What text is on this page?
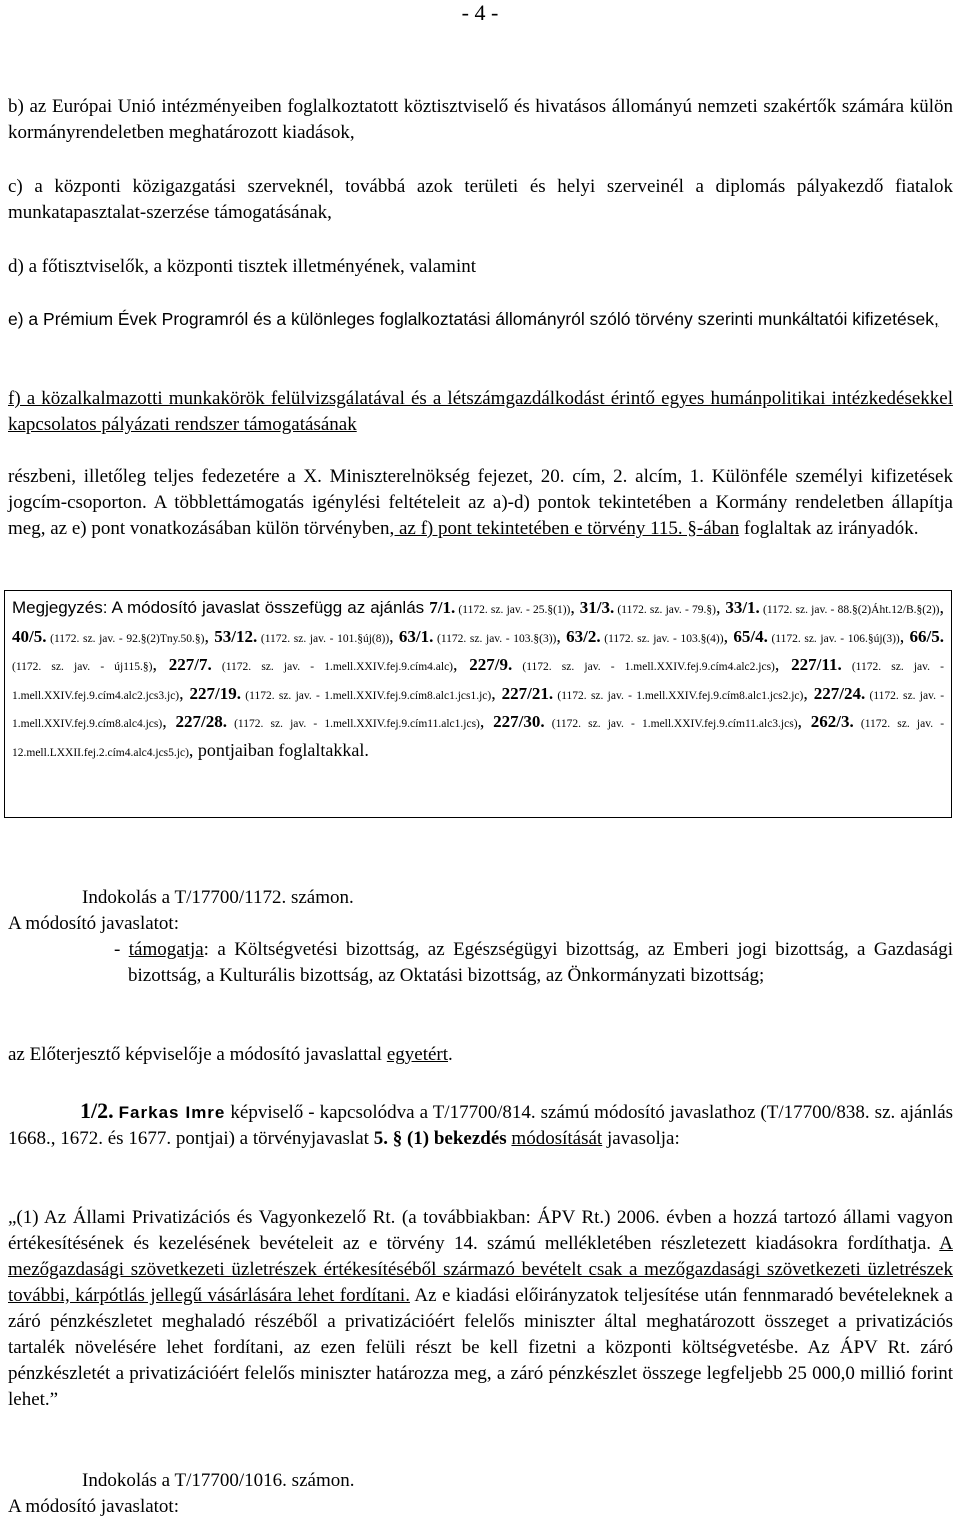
- 4 -

b) az Európai Unió intézményeiben foglalkoztatott köztisztviselő és hivatásos állományú nemzeti szakértők számára külön kormányrendeletben meghatározott kiadások,

c) a központi közigazgatási szerveknél, továbbá azok területi és helyi szerveinél a diplomás pályakezdő fiatalok munkatapasztalat-szerzése támogatásának,

d) a főtisztviselők, a központi tisztek illetményének, valamint

e) a Prémium Évek Programról és a különleges foglalkoztatási állományról szóló törvény szerinti munkáltatói kifizetések,

f) a közalkalmazotti munkakörök felülvizsgálatával és a létszámgazdálkodást érintő egyes humánpolitikai intézkedésekkel kapcsolatos pályázati rendszer támogatásának

részbeni, illetőleg teljes fedezetére a X. Miniszterelnökség fejezet, 20. cím, 2. alcím, 1. Különféle személyi kifizetések jogcím-csoporton. A többlettámogatás igénylési feltételeit az a)-d) pontok tekintetében a Kormány rendeletben állapítja meg, az e) pont vonatkozásában külön törvényben, az f) pont tekintetében e törvény 115. §-ában foglaltak az irányadók.

Megjegyzés: A módosító javaslat összefügg az ajánlás 7/1. (1172. sz. jav. - 25.§(1)), 31/3. (1172. sz. jav. - 79.§), 33/1. (1172. sz. jav. - 88.§(2)Áht.12/B.§(2)), 40/5. (1172. sz. jav. - 92.§(2)Tny.50.§), 53/12. (1172. sz. jav. - 101.§új(8)), 63/1. (1172. sz. jav. - 103.§(3)), 63/2. (1172. sz. jav. - 103.§(4)), 65/4. (1172. sz. jav. - 106.§új(3)), 66/5. (1172. sz. jav. - új115.§), 227/7. (1172. sz. jav. - 1.mell.XXIV.fej.9.cím4.alc), 227/9. (1172. sz. jav. - 1.mell.XXIV.fej.9.cím4.alc2.jcs), 227/11. (1172. sz. jav. - 1.mell.XXIV.fej.9.cím4.alc2.jcs3.jc), 227/19. (1172. sz. jav. - 1.mell.XXIV.fej.9.cím8.alc1.jcs1.jc), 227/21. (1172. sz. jav. - 1.mell.XXIV.fej.9.cím8.alc1.jcs2.jc), 227/24. (1172. sz. jav. - 1.mell.XXIV.fej.9.cím8.alc4.jcs), 227/28. (1172. sz. jav. - 1.mell.XXIV.fej.9.cím11.alc1.jcs), 227/30. (1172. sz. jav. - 1.mell.XXIV.fej.9.cím11.alc3.jcs), 262/3. (1172. sz. jav. - 12.mell.LXXII.fej.2.cím4.alc4.jcs5.jc), pontjaiban foglaltakkal.

Indokolás a T/17700/1172. számon.

A módosító javaslatot:

- támogatja: a Költségvetési bizottság, az Egészségügyi bizottság, az Emberi jogi bizottság, a Gazdasági bizottság, a Kulturális bizottság, az Oktatási bizottság, az Önkormányzati bizottság;

az Előterjesztő képviselője a módosító javaslattal egyetért.

1/2. Farkas Imre képviselő - kapcsolódva a T/17700/814. számú módosító javaslathoz (T/17700/838. sz. ajánlás 1668., 1672. és 1677. pontjai) a törvényjavaslat 5. § (1) bekezdés módosítását javasolja:

„(1) Az Állami Privatizációs és Vagyonkezelő Rt. (a továbbiakban: ÁPV Rt.) 2006. évben a hozzá tartozó állami vagyon értékesítésének és kezelésének bevételeit az e törvény 14. számú mellékletében részletezett kiadásokra fordíthatja. A mezőgazdasági szövetkezeti üzletrészek értékesítéséből származó bevételt csak a mezőgazdasági szövetkezeti üzletrészek további, kárpótlás jellegű vásárlására lehet fordítani. Az e kiadási előirányzatok teljesítése után fennmaradó bevételeknek a záró pénzkészletet meghaladó részéből a privatizációért felelős miniszter által meghatározott összeget a privatizációs tartalék növelésére lehet fordítani, az ezen felüli részt be kell fizetni a központi költségvetésbe. Az ÁPV Rt. záró pénzkészletét a privatizációért felelős miniszter határozza meg, a záró pénzkészlet összege legfeljebb 25 000,0 millió forint lehet.”

Indokolás a T/17700/1016. számon.

A módosító javaslatot:
